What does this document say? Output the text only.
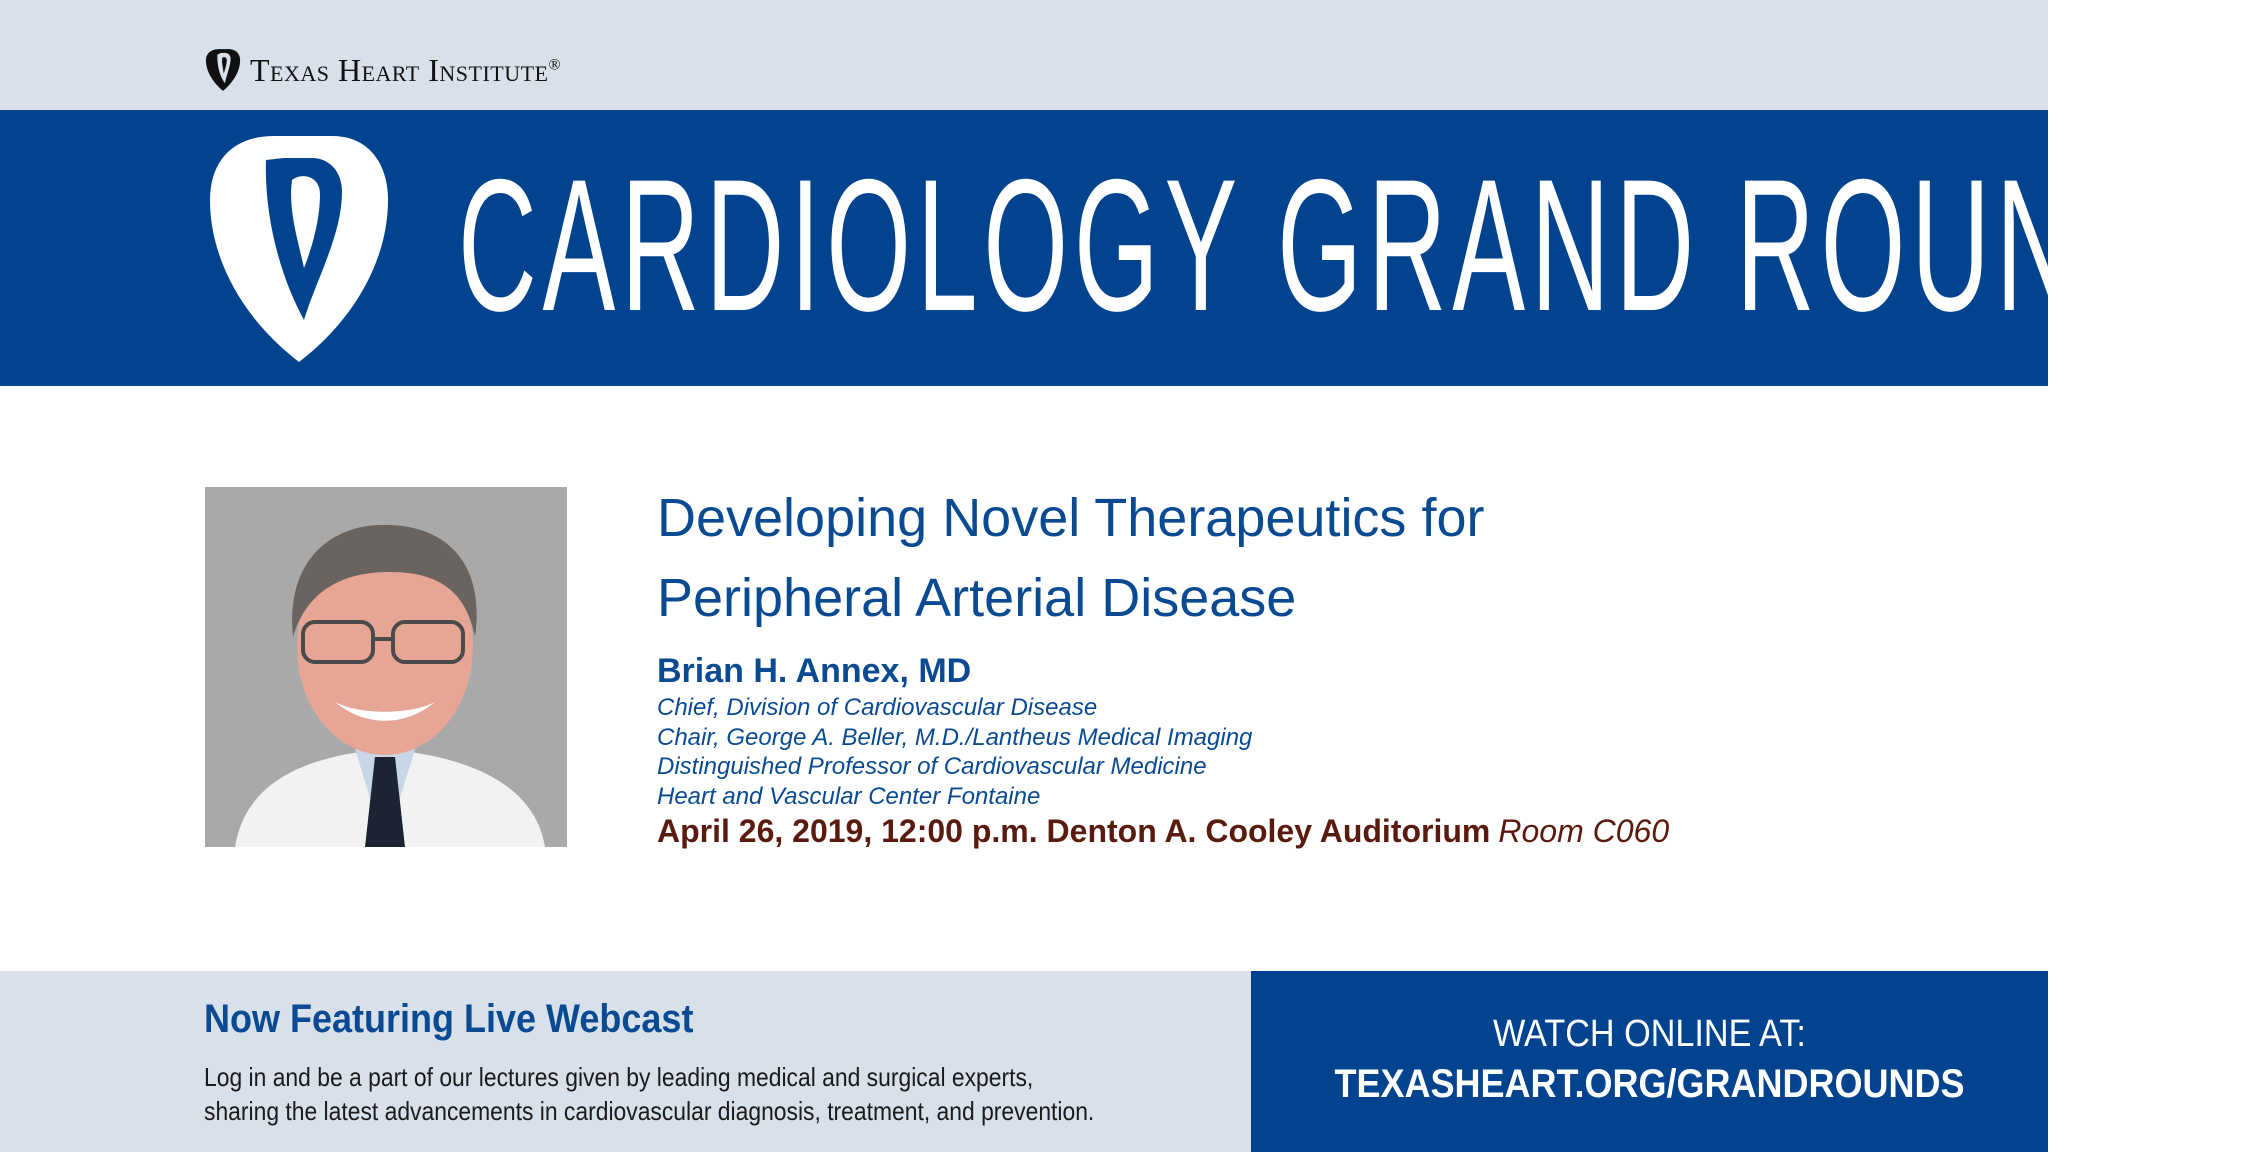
Texas Heart Institute®
CARDIOLOGY GRAND ROUNDS
Developing Novel Therapeutics for
Peripheral Arterial Disease
Brian H. Annex, MD
Chief, Division of Cardiovascular Disease
Chair, George A. Beller, M.D./Lantheus Medical Imaging
Distinguished Professor of Cardiovascular Medicine
Heart and Vascular Center Fontaine
April 26, 2019, 12:00 p.m. Denton A. Cooley Auditorium Room C060
Now Featuring Live Webcast
Log in and be a part of our lectures given by leading medical and surgical experts,
sharing the latest advancements in cardiovascular diagnosis, treatment, and prevention.
WATCH ONLINE AT:
TEXASHEART.ORG/GRANDROUNDS
